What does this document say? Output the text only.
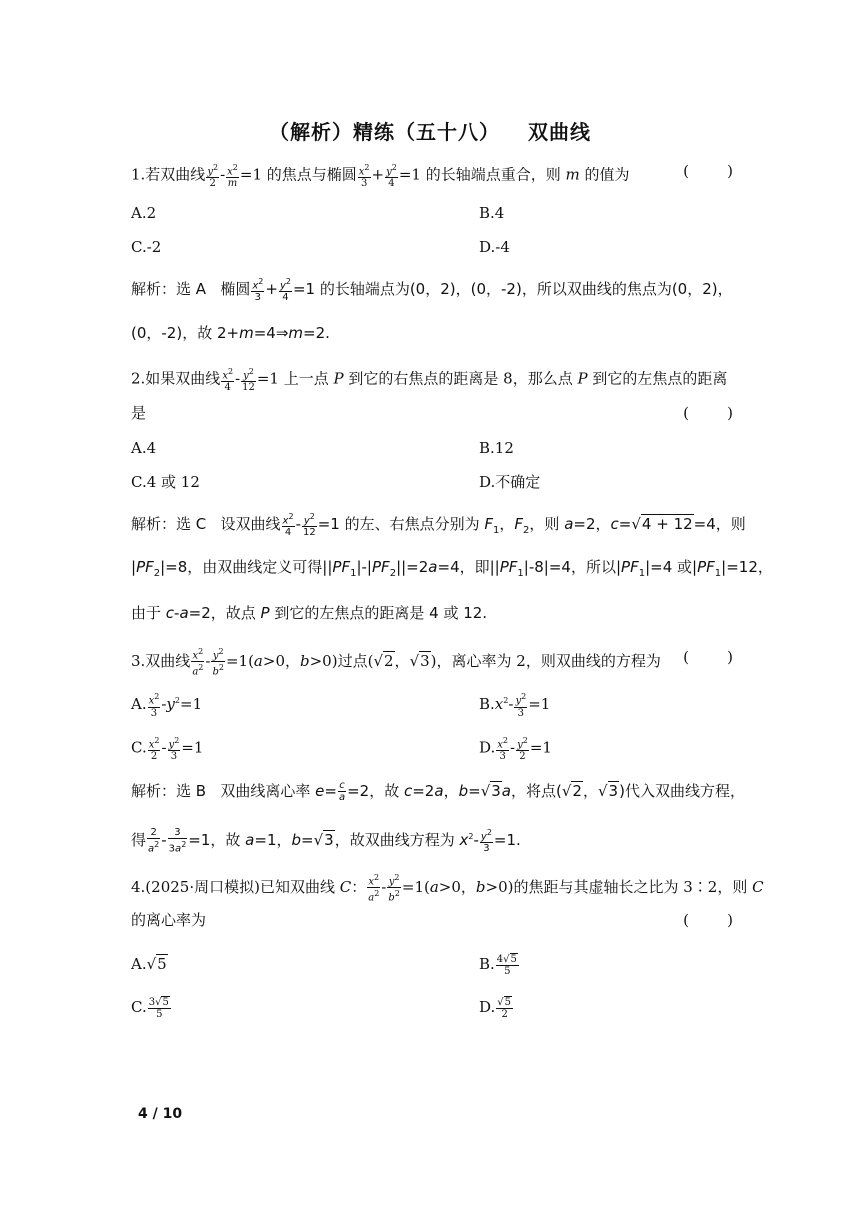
（解析）精练（五十八） 双曲线
1.若双曲线 $\frac{y^2}{2} - \frac{x^2}{m} =1$ 的焦点与椭圆 $\frac{x^2}{3} + \frac{y^2}{4} =1$ 的长轴端点重合，则 m 的值为	(        )
A.2	B.4
C.-2	D.-4
解析：选 A   椭圆 $\frac{x^2}{3} + \frac{y^2}{4} =1$ 的长轴端点为(0，2)，(0，-2)，所以双曲线的焦点为(0，2)，
(0，-2)，故 2+m=4⇒m=2.
2.如果双曲线 $\frac{x^2}{4} - \frac{y^2}{12} =1$ 上一点 P 到它的右焦点的距离是 8，那么点 P 到它的左焦点的距离
是	(        )
A.4	B.12
C.4 或 12	D.不确定
解析：选 C   设双曲线 $\frac{x^2}{4} - \frac{y^2}{12} =1$ 的左、右焦点分别为 $F_1$，$F_2$，则 a=2，c=√4 + 12=4，则
$|PF_2|=8$，由双曲线定义可得$||PF_1|-|PF_2||=2a=4$，即$||PF_1|-8|=4$，所以$|PF_1|=4$ 或$|PF_1|=12$，
由于 c-a=2，故点 P 到它的左焦点的距离是 4 或 12.
3.双曲线 $\frac{x^2}{a^2} - \frac{y^2}{b^2} =1(a>0$，b>0)过点(√2，√3)，离心率为 2，则双曲线的方程为 (        )
A. $\frac{x^2}{3} -y^2=1$	$B.x^2- \frac{y^2}{3} =1$
C. $\frac{x^2}{2} - \frac{y^2}{3} =1$	D. $\frac{x^2}{3} - \frac{y^2}{2} =1$
解析：选 B   双曲线离心率 $e= \frac{c}{a} =2$，故 c=2a，b=√3a，将点(√2，√3)代入双曲线方程，
得 $\frac{2}{a^2} - \frac{3}{3a^2} =1$，故 a=1，b=√3，故双曲线方程为 $x^2- \frac{y^2}{3} =1$.
4.(2025·周口模拟)已知双曲线 C： $\frac{x^2}{a^2} - \frac{y^2}{b^2} =1(a>0$，b>0)的焦距与其虚轴长之比为 3∶2，则 C
的离心率为	(        )
A.√5	B. $\frac{4√5}{5}$
C. $\frac{3√5}{5}$	D. $\frac{√5}{2}$
4 / 10
